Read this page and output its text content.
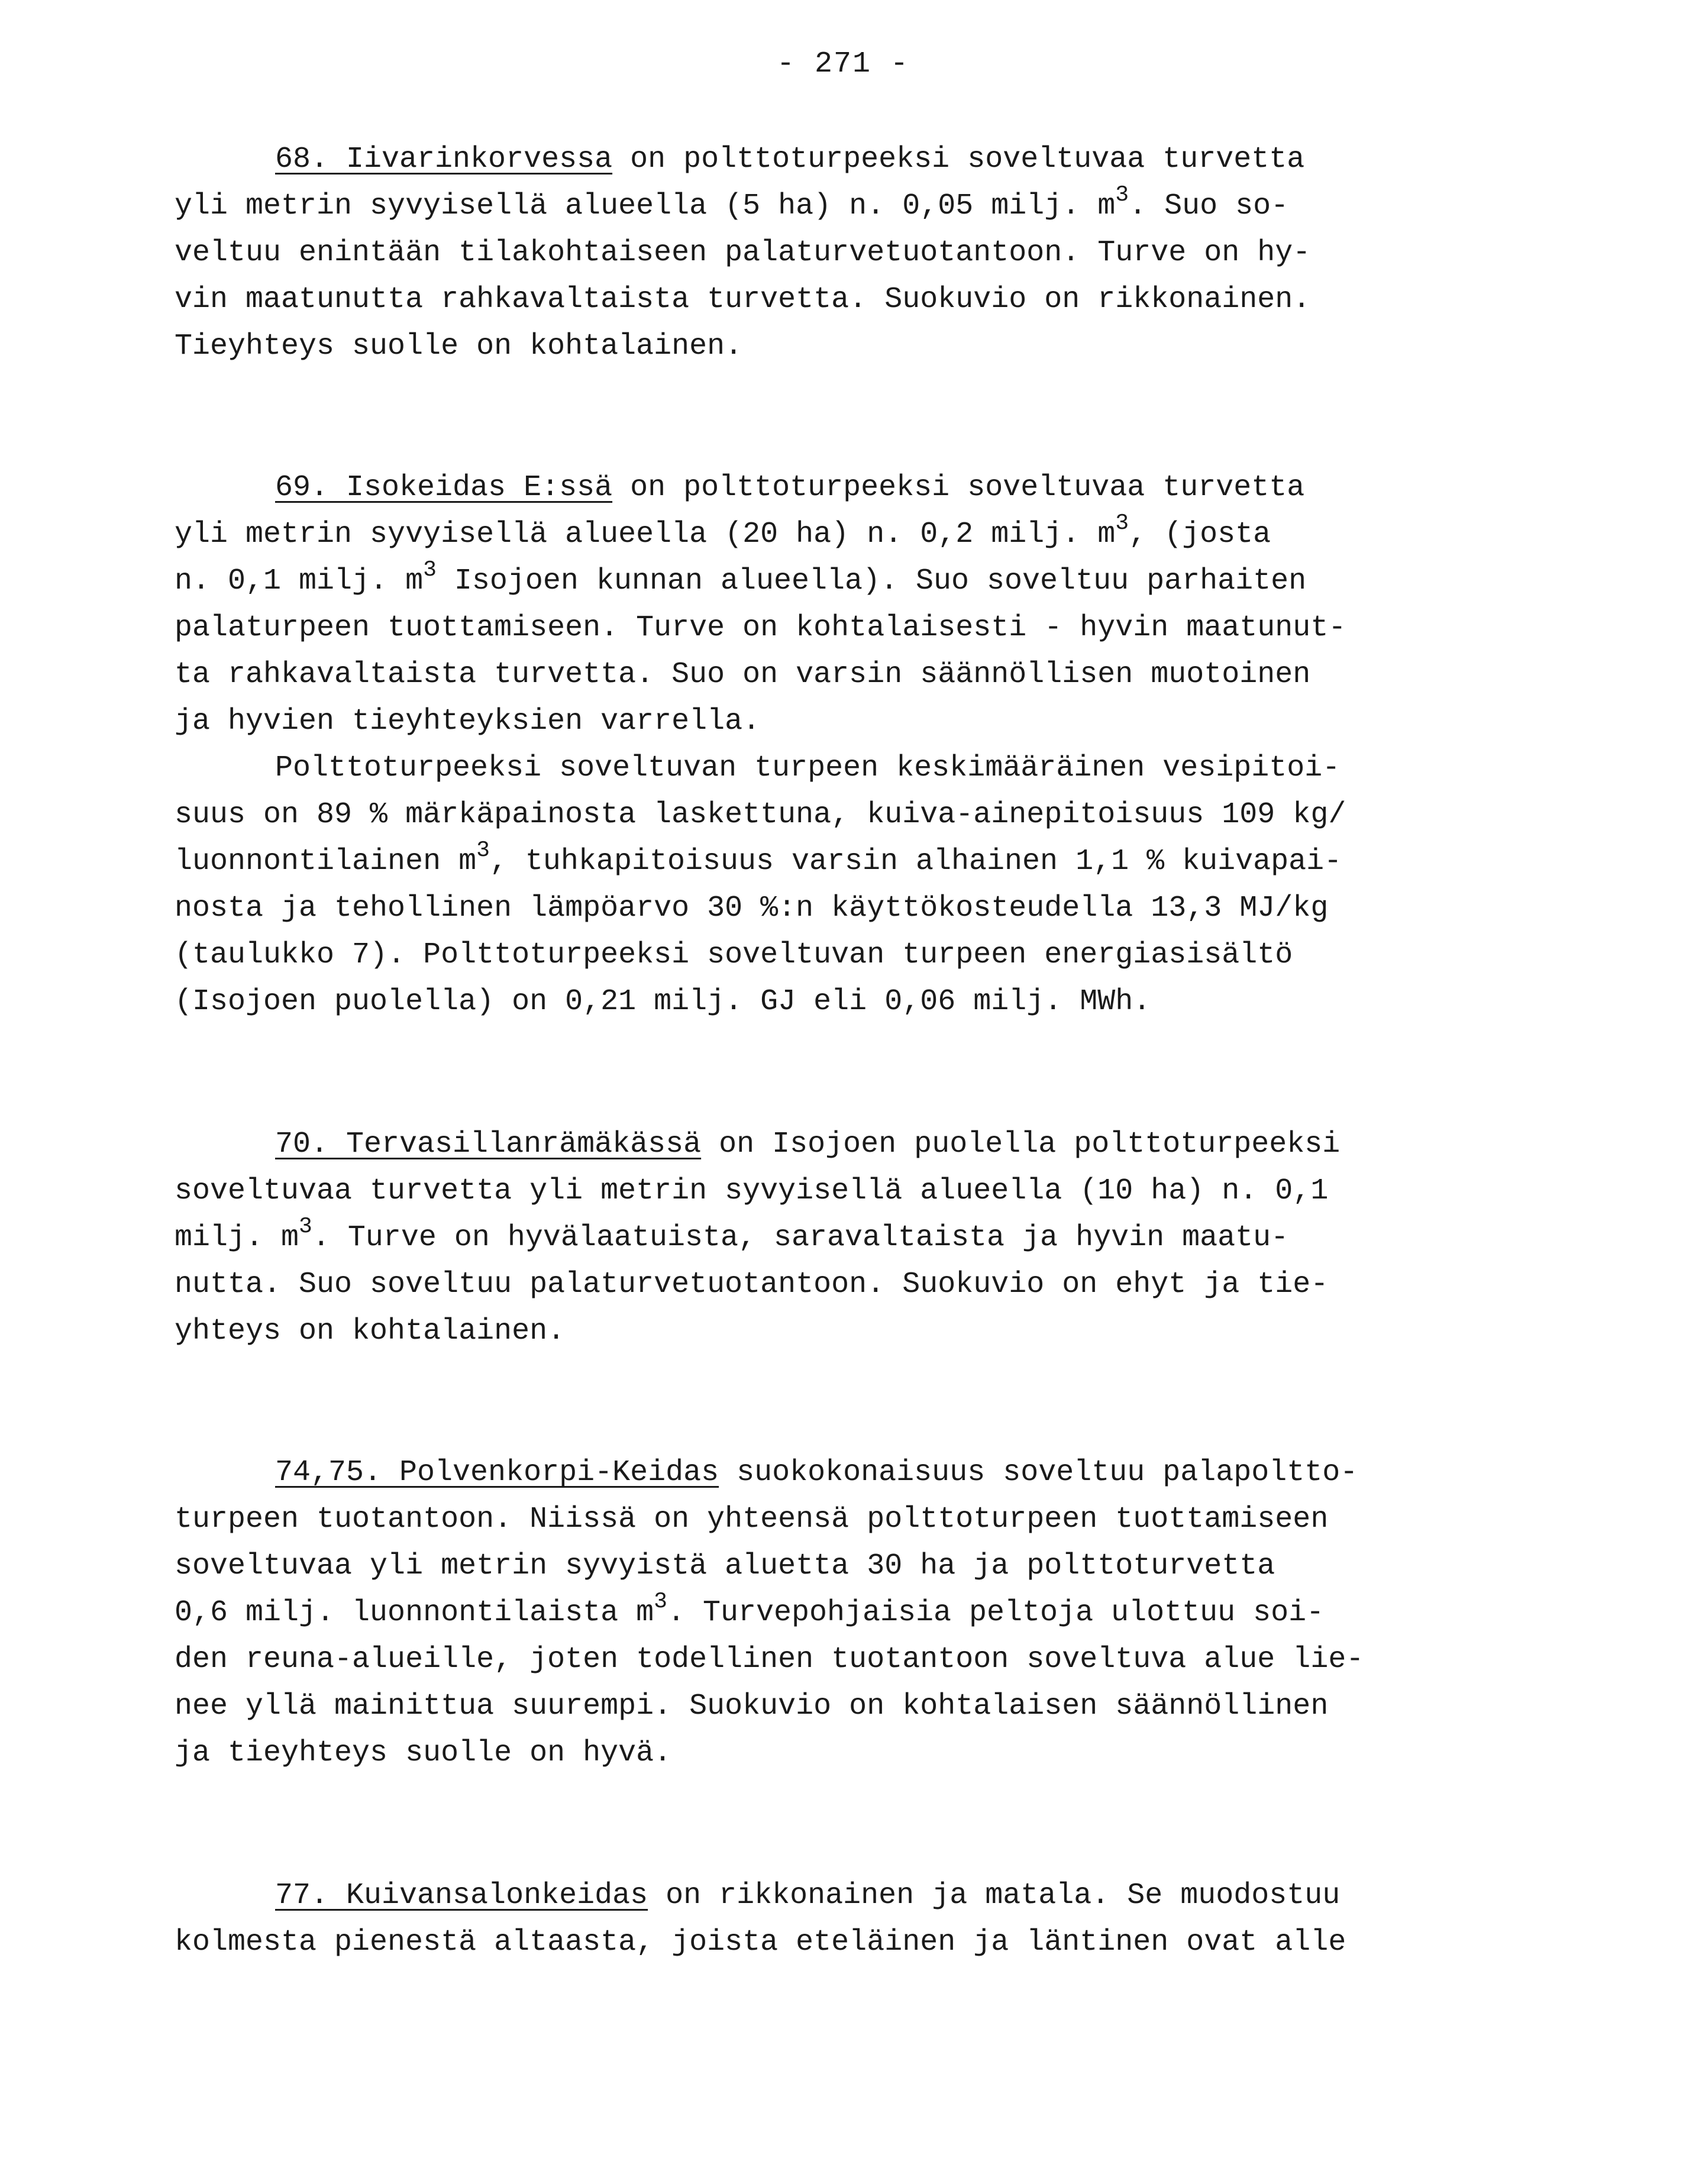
- 271 -
68. Iivarinkorvessa on polttoturpeeksi soveltuvaa turvetta
yli metrin syvyisellä alueella (5 ha) n. 0,05 milj. $m^3$. Suo so-
veltuu enintään tilakohtaiseen palaturvetuotantoon. Turve on hy-
vin maatunutta rahkavaltaista turvetta. Suokuvio on rikkonainen.
Tieyhteys suolle on kohtalainen.
69. Isokeidas E:ssä on polttoturpeeksi soveltuvaa turvetta
yli metrin syvyisellä alueella (20 ha) n. 0,2 milj. $m^3$, (josta
n. 0,1 milj. $m^3$ Isojoen kunnan alueella). Suo soveltuu parhaiten
palaturpeen tuottamiseen. Turve on kohtalaisesti - hyvin maatunut-
ta rahkavaltaista turvetta. Suo on varsin säännöllisen muotoinen
ja hyvien tieyhteyksien varrella.
Polttoturpeeksi soveltuvan turpeen keskimääräinen vesipitoi-
suus on 89 % märkäpainosta laskettuna, kuiva-ainepitoisuus 109 kg/
luonnontilainen $m^3$, tuhkapitoisuus varsin alhainen 1,1 % kuivapai-
nosta ja tehollinen lämpöarvo 30 %:n käyttökosteudella 13,3 MJ/kg
(taulukko 7). Polttoturpeeksi soveltuvan turpeen energiasisältö
(Isojoen puolella) on 0,21 milj. GJ eli 0,06 milj. MWh.
70. Tervasillanrämäkässä on Isojoen puolella polttoturpeeksi
soveltuvaa turvetta yli metrin syvyisellä alueella (10 ha) n. 0,1
milj. $m^3$. Turve on hyvälaatuista, saravaltaista ja hyvin maatu-
nutta. Suo soveltuu palaturvetuotantoon. Suokuvio on ehyt ja tie-
yhteys on kohtalainen.
74,75. Polvenkorpi-Keidas suokokonaisuus soveltuu palapoltto-
turpeen tuotantoon. Niissä on yhteensä polttoturpeen tuottamiseen
soveltuvaa yli metrin syvyistä aluetta 30 ha ja polttoturvetta
0,6 milj. luonnontilaista $m^3$. Turvepohjaisia peltoja ulottuu soi-
den reuna-alueille, joten todellinen tuotantoon soveltuva alue lie-
nee yllä mainittua suurempi. Suokuvio on kohtalaisen säännöllinen
ja tieyhteys suolle on hyvä.
77. Kuivansalonkeidas on rikkonainen ja matala. Se muodostuu
kolmesta pienestä altaasta, joista eteläinen ja läntinen ovat alle
